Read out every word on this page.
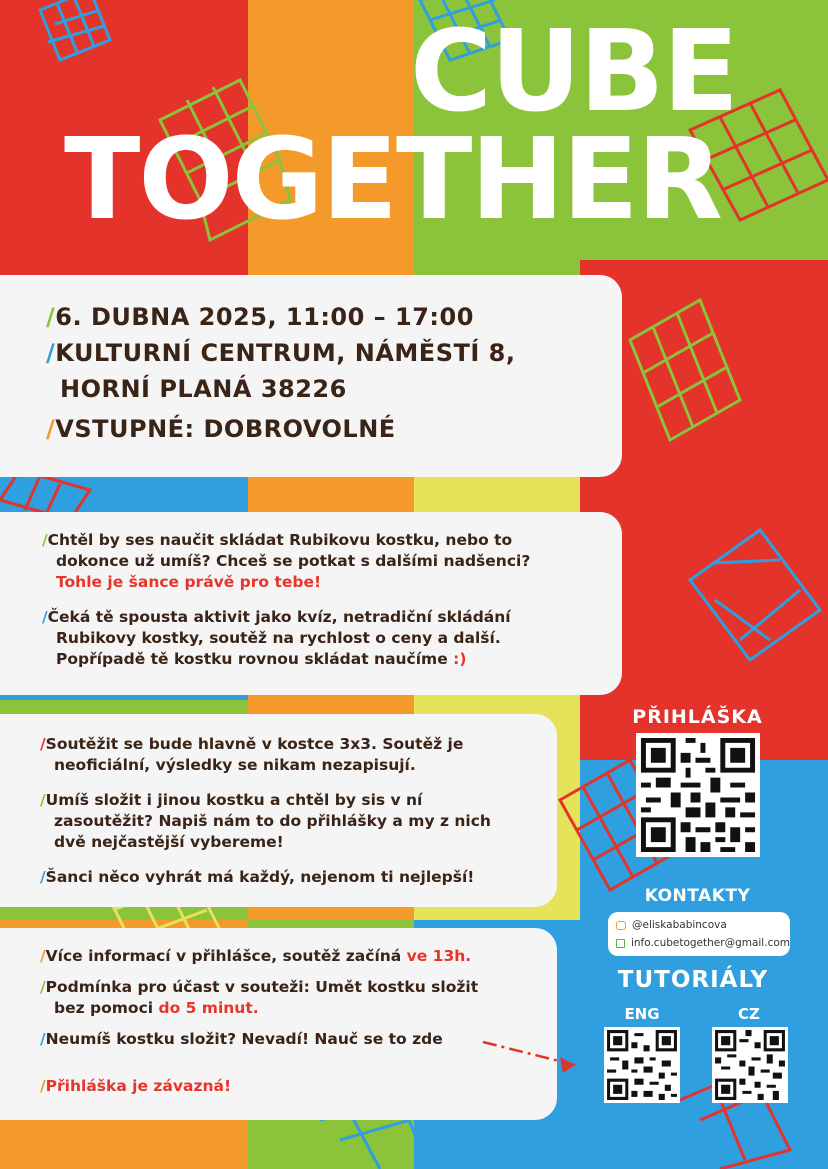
CUBE
TOGETHER

/6. DUBNA 2025, 11:00 – 17:00

/KULTURNÍ CENTRUM, NÁMĚSTÍ 8,

HORNÍ PLANÁ 38226

/VSTUPNÉ: DOBROVOLNÉ

/Chtěl by ses naučit skládat Rubikovu kostku, nebo to
dokonce už umíš? Chceš se potkat s dalšími nadšenci?
Tohle je šance právě pro tebe!

/Čeká tě spousta aktivit jako kvíz, netradiční skládání
Rubikovy kostky, soutěž na rychlost o ceny a další.
Popřípadě tě kostku rovnou skládat naučíme :)

/Soutěžit se bude hlavně v kostce 3x3. Soutěž je
neoficiální, výsledky se nikam nezapisují.

/Umíš složit i jinou kostku a chtěl by sis v ní
zasoutěžit? Napiš nám to do přihlášky a my z nich
dvě nejčastější vybereme!

/Šanci něco vyhrát má každý, nejenom ti nejlepší!

/Více informací v přihlášce, soutěž začíná ve 13h.

/Podmínka pro účast v souteži: Umět kostku složit
bez pomoci do 5 minut.

/Neumíš kostku složit? Nevadí! Nauč se to zde

/Přihláška je závazná!

PŘIHLÁŠKA
KONTAKTY
@eliskababincova
info.cubetogether@gmail.com
TUTORIÁLY
ENG	CZ
